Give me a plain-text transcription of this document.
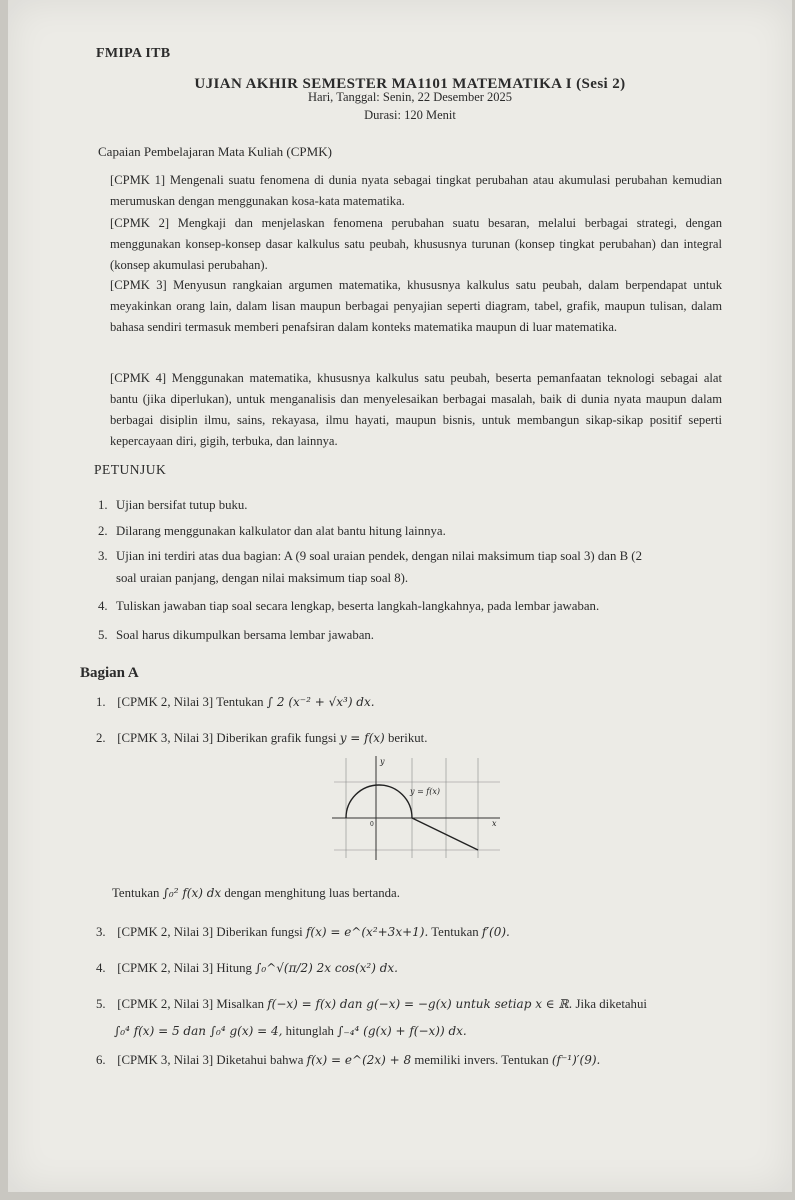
FMIPA ITB
UJIAN AKHIR SEMESTER MA1101 MATEMATIKA I (Sesi 2)
Hari, Tanggal: Senin, 22 Desember 2025
Durasi: 120 Menit
Capaian Pembelajaran Mata Kuliah (CPMK)
[CPMK 1] Mengenali suatu fenomena di dunia nyata sebagai tingkat perubahan atau akumulasi perubahan kemudian merumuskan dengan menggunakan kosa-kata matematika.
[CPMK 2] Mengkaji dan menjelaskan fenomena perubahan suatu besaran, melalui berbagai strategi, dengan menggunakan konsep-konsep dasar kalkulus satu peubah, khususnya turunan (konsep tingkat perubahan) dan integral (konsep akumulasi perubahan).
[CPMK 3] Menyusun rangkaian argumen matematika, khususnya kalkulus satu peubah, dalam berpendapat untuk meyakinkan orang lain, dalam lisan maupun berbagai penyajian seperti diagram, tabel, grafik, maupun tulisan, dalam bahasa sendiri termasuk memberi penafsiran dalam konteks matematika maupun di luar matematika.
[CPMK 4] Menggunakan matematika, khususnya kalkulus satu peubah, beserta pemanfaatan teknologi sebagai alat bantu (jika diperlukan), untuk menganalisis dan menyelesaikan berbagai masalah, baik di dunia nyata maupun dalam berbagai disiplin ilmu, sains, rekayasa, ilmu hayati, maupun bisnis, untuk membangun sikap-sikap positif seperti kepercayaan diri, gigih, terbuka, dan lainnya.
PETUNJUK
1. Ujian bersifat tutup buku.
2. Dilarang menggunakan kalkulator dan alat bantu hitung lainnya.
3. Ujian ini terdiri atas dua bagian: A (9 soal uraian pendek, dengan nilai maksimum tiap soal 3) dan B (2
soal uraian panjang, dengan nilai maksimum tiap soal 8).
4. Tuliskan jawaban tiap soal secara lengkap, beserta langkah-langkahnya, pada lembar jawaban.
5. Soal harus dikumpulkan bersama lembar jawaban.
Bagian A
1. [CPMK 2, Nilai 3] Tentukan ∫ 2 (x⁻² + √x³) dx.
2. [CPMK 3, Nilai 3] Diberikan grafik fungsi y = f(x) berikut.
y
x
y = f(x)
0
Tentukan ∫₀² f(x) dx dengan menghitung luas bertanda.
3. [CPMK 2, Nilai 3] Diberikan fungsi f(x) = e^(x²+3x+1). Tentukan f′(0).
4. [CPMK 2, Nilai 3] Hitung ∫₀^√(π/2) 2x cos(x²) dx.
5. [CPMK 2, Nilai 3] Misalkan f(−x) = f(x) dan g(−x) = −g(x) untuk setiap x ∈ ℝ. Jika diketahui
∫₀⁴ f(x) = 5 dan ∫₀⁴ g(x) = 4, hitunglah ∫₋₄⁴ (g(x) + f(−x)) dx.
6. [CPMK 3, Nilai 3] Diketahui bahwa f(x) = e^(2x) + 8 memiliki invers. Tentukan (f⁻¹)′(9).
